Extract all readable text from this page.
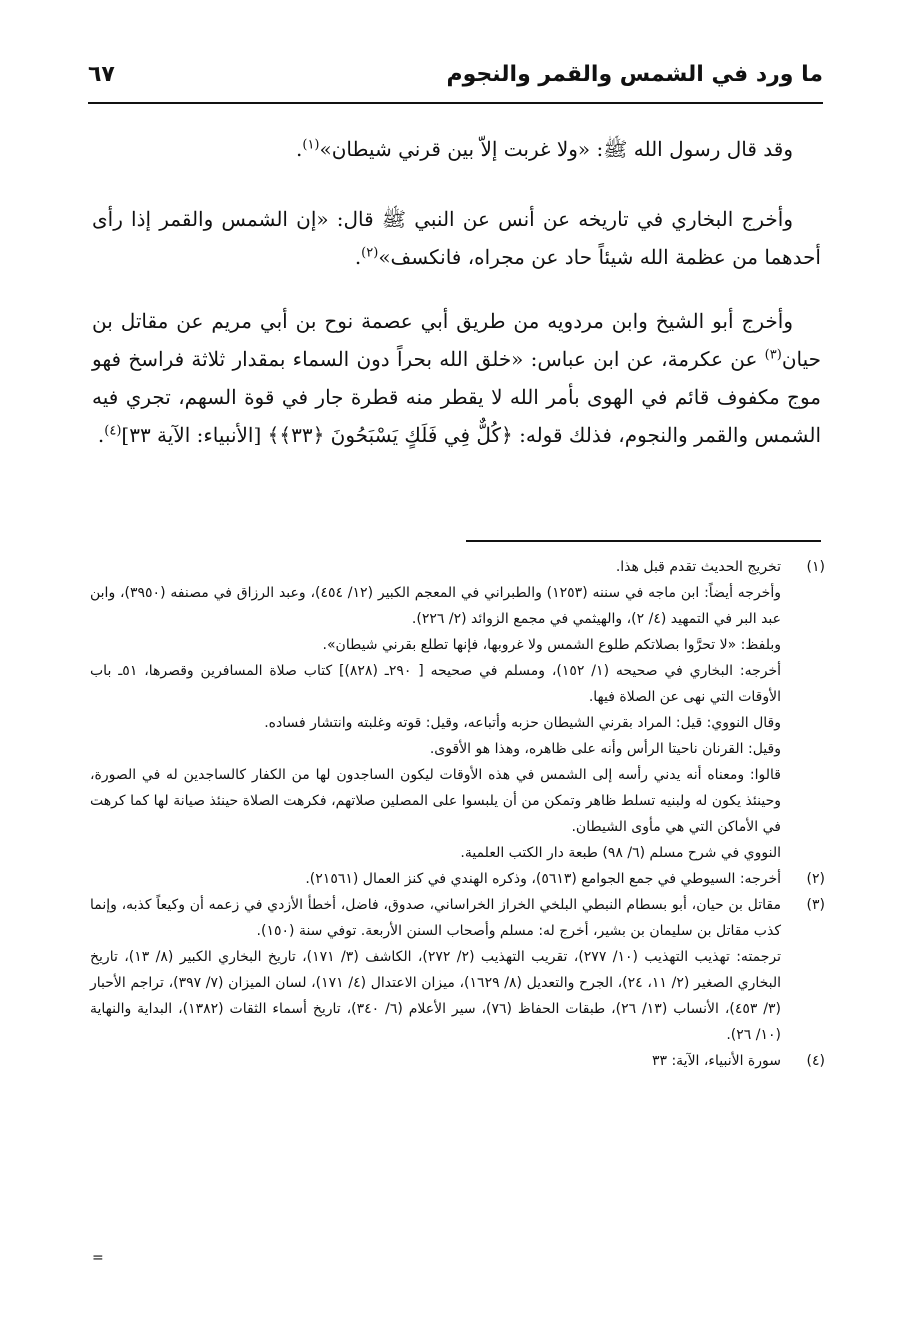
ما ورد في الشمس والقمر والنجوم
٦٧

وقد قال رسول الله ﷺ: «ولا غربت إلاّ بين قرني شيطان»$^{(١)}$.

وأخرج البخاري في تاريخه عن أنس عن النبي ﷺ قال: «إن الشمس والقمر إذا رأى أحدهما من عظمة الله شيئاً حاد عن مجراه، فانكسف»$^{(٢)}$.

وأخرج أبو الشيخ وابن مردويه من طريق أبي عصمة نوح بن أبي مريم عن مقاتل بن حيان$^{(٣)}$ عن عكرمة، عن ابن عباس: «خلق الله بحراً دون السماء بمقدار ثلاثة فراسخ فهو موج مكفوف قائم في الهوى بأمر الله لا يقطر منه قطرة جار في قوة السهم، تجري فيه الشمس والقمر والنجوم، فذلك قوله: ﴿كُلٌّ فِي فَلَكٍ يَسْبَحُونَ ﴿٣٣﴾﴾ [الأنبياء: الآية ٣٣]$^{(٤)}$.

(١)

تخريج الحديث تقدم قبل هذا.

وأخرجه أيضاً: ابن ماجه في سننه (١٢٥٣) والطبراني في المعجم الكبير (١٢/ ٤٥٤)، وعبد الرزاق في مصنفه (٣٩٥٠)، وابن عبد البر في التمهيد (٤/ ٢)، والهيثمي في مجمع الزوائد (٢/ ٢٢٦).

وبلفظ: «لا تحرَّوا بصلاتكم طلوع الشمس ولا غروبها، فإنها تطلع بقرني شيطان».

أخرجه: البخاري في صحيحه (١/ ١٥٢)، ومسلم في صحيحه [ ٢٩٠ـ (٨٢٨)] كتاب صلاة المسافرين وقصرها، ٥١ـ باب الأوقات التي نهى عن الصلاة فيها.

وقال النووي: قيل: المراد بقرني الشيطان حزبه وأتباعه، وقيل: قوته وغلبته وانتشار فساده.

وقيل: القرنان ناحيتا الرأس وأنه على ظاهره، وهذا هو الأقوى.

قالوا: ومعناه أنه يدني رأسه إلى الشمس في هذه الأوقات ليكون الساجدون لها من الكفار كالساجدين له في الصورة، وحينئذ يكون له ولبنيه تسلط ظاهر وتمكن من أن يلبسوا على المصلين صلاتهم، فكرهت الصلاة حينئذ صيانة لها كما كرهت في الأماكن التي هي مأوى الشيطان.

النووي في شرح مسلم (٦/ ٩٨) طبعة دار الكتب العلمية.

(٢)

أخرجه: السيوطي في جمع الجوامع (٥٦١٣)، وذكره الهندي في كنز العمال (٢١٥٦١).

(٣)

مقاتل بن حيان، أبو بسطام النبطي البلخي الخراز الخراساني، صدوق، فاضل، أخطأ الأزدي في زعمه أن وكيعاً كذبه، وإنما كذب مقاتل بن سليمان بن بشير، أخرج له: مسلم وأصحاب السنن الأربعة. توفي سنة (١٥٠).

ترجمته: تهذيب التهذيب (١٠/ ٢٧٧)، تقريب التهذيب (٢/ ٢٧٢)، الكاشف (٣/ ١٧١)، تاريخ البخاري الكبير (٨/ ١٣)، تاريخ البخاري الصغير (٢/ ١١، ٢٤)، الجرح والتعديل (٨/ ١٦٢٩)، ميزان الاعتدال (٤/ ١٧١)، لسان الميزان (٧/ ٣٩٧)، تراجم الأحبار (٣/ ٤٥٣)، الأنساب (١٣/ ٢٦)، طبقات الحفاظ (٧٦)، سير الأعلام (٦/ ٣٤٠)، تاريخ أسماء الثقات (١٣٨٢)، البداية والنهاية (١٠/ ٢٦).

(٤)

سورة الأنبياء، الآية: ٣٣

=
